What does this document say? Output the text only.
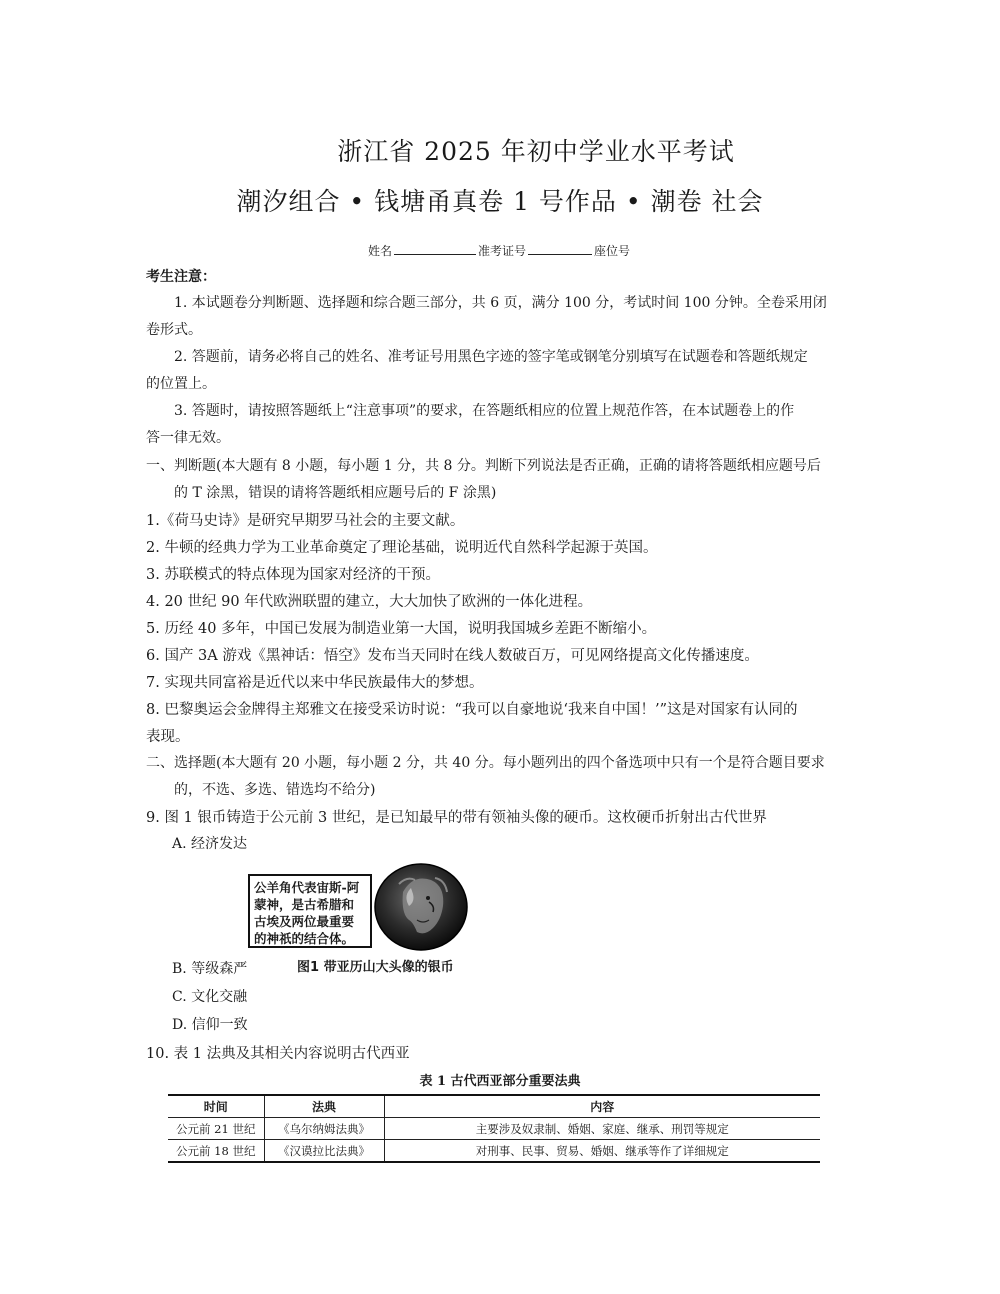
浙江省 2025 年初中学业水平考试
潮汐组合 • 钱塘甬真卷 1 号作品 • 潮卷 社会
姓名	准考证号	座位号
考生注意：
1. 本试题卷分判断题、选择题和综合题三部分，共 6 页，满分 100 分，考试时间 100 分钟。全卷采用闭
卷形式。
2. 答题前，请务必将自己的姓名、准考证号用黑色字迹的签字笔或钢笔分别填写在试题卷和答题纸规定
的位置上。
3. 答题时，请按照答题纸上“注意事项”的要求，在答题纸相应的位置上规范作答，在本试题卷上的作
答一律无效。
一、判断题(本大题有 8 小题，每小题 1 分，共 8 分。判断下列说法是否正确，正确的请将答题纸相应题号后
的 T 涂黑，错误的请将答题纸相应题号后的 F 涂黑)
1.《荷马史诗》是研究早期罗马社会的主要文献。
2. 牛顿的经典力学为工业革命奠定了理论基础，说明近代自然科学起源于英国。
3. 苏联模式的特点体现为国家对经济的干预。
4. 20 世纪 90 年代欧洲联盟的建立，大大加快了欧洲的一体化进程。
5. 历经 40 多年，中国已发展为制造业第一大国，说明我国城乡差距不断缩小。
6. 国产 3A 游戏《黑神话：悟空》发布当天同时在线人数破百万，可见网络提高文化传播速度。
7. 实现共同富裕是近代以来中华民族最伟大的梦想。
8. 巴黎奥运会金牌得主郑雅文在接受采访时说：“我可以自豪地说‘我来自中国！’”这是对国家有认同的
表现。
二、选择题(本大题有 20 小题，每小题 2 分，共 40 分。每小题列出的四个备选项中只有一个是符合题目要求
的，不选、多选、错选均不给分)
9. 图 1 银币铸造于公元前 3 世纪，是已知最早的带有领袖头像的硬币。这枚硬币折射出古代世界
A. 经济发达
公羊角代表宙斯-阿
蒙神，是古希腊和
古埃及两位最重要
的神祇的结合体。
图1 带亚历山大头像的银币
B. 等级森严
C. 文化交融
D. 信仰一致
10. 表 1 法典及其相关内容说明古代西亚
表 1 古代西亚部分重要法典
时间	法典	内容
公元前 21 世纪	《乌尔纳姆法典》	主要涉及奴隶制、婚姻、家庭、继承、刑罚等规定
公元前 18 世纪	《汉谟拉比法典》	对刑事、民事、贸易、婚姻、继承等作了详细规定
